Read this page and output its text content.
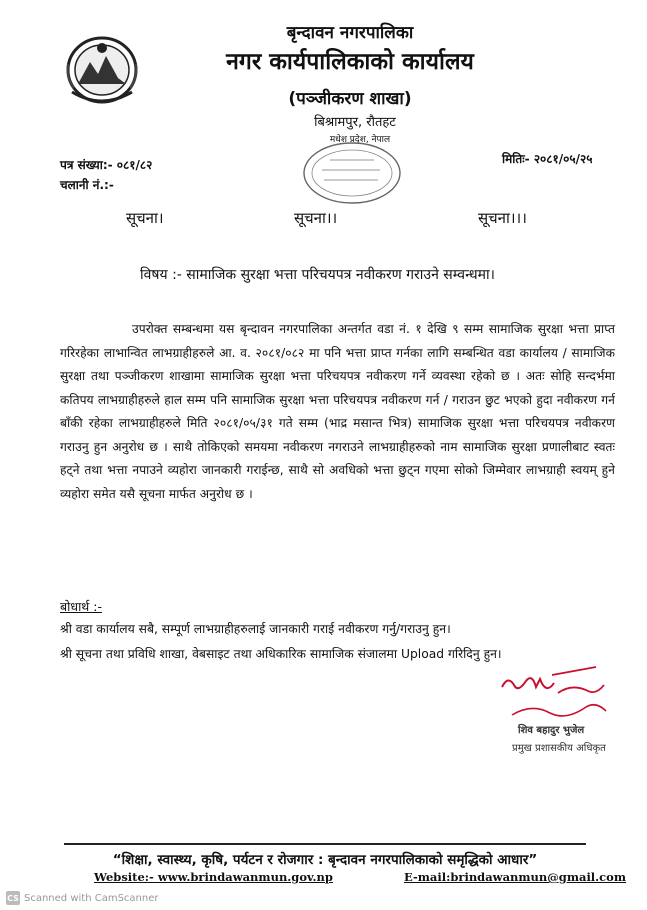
बृन्दावन नगरपालिका
नगर कार्यपालिकाको कार्यालय
(पञ्जीकरण शाखा)
बिश्रामपुर, रौतहट
मधेश प्रदेश, नेपाल
पत्र संख्या:- ०८१/८२
चलानी नं.:-
मितिः- २०८१/०५/२५
सूचना।	सूचना।।	सूचना।।।
विषय :- सामाजिक सुरक्षा भत्ता परिचयपत्र नवीकरण गराउने सम्वन्धमा।
उपरोक्त सम्बन्धमा यस बृन्दावन नगरपालिका अन्तर्गत वडा नं. १ देखि ९ सम्म सामाजिक सुरक्षा भत्ता प्राप्त गरिरहेका लाभान्वित लाभग्राहीहरुले आ. व. २०८१/०८२ मा पनि भत्ता प्राप्त गर्नका लागि सम्बन्धित वडा कार्यालय / सामाजिक सुरक्षा तथा पञ्जीकरण शाखामा सामाजिक सुरक्षा भत्ता परिचयपत्र नवीकरण गर्ने व्यवस्था रहेको छ । अतः सोहि सन्दर्भमा कतिपय लाभग्राहीहरुले हाल सम्म पनि सामाजिक सुरक्षा भत्ता परिचयपत्र नवीकरण गर्न / गराउन छुट भएको हुदा नवीकरण गर्न बाँकी रहेका लाभग्राहीहरुले मिति २०८१/०५/३१ गते सम्म (भाद्र मसान्त भित्र) सामाजिक सुरक्षा भत्ता परिचयपत्र नवीकरण गराउनु हुन अनुरोध छ । साथै तोकिएको समयमा नवीकरण नगराउने लाभग्राहीहरुको नाम सामाजिक सुरक्षा प्रणालीबाट स्वतः हट्ने तथा भत्ता नपाउने व्यहोरा जानकारी गराईन्छ, साथै सो अवधिको भत्ता छुट्न गएमा सोको जिम्मेवार लाभग्राही स्वयम् हुने व्यहोरा समेत यसै सूचना मार्फत अनुरोध छ ।
बोधार्थ :-
श्री वडा कार्यालय सबै, सम्पूर्ण लाभग्राहीहरुलाई जानकारी गराई नवीकरण गर्नु/गराउनु हुन।
श्री सूचना तथा प्रविधि शाखा, वेबसाइट तथा अधिकारिक सामाजिक संजालमा Upload गरिदिनु हुन।
शिव बहादुर भुजेल
प्रमुख प्रशासकीय अधिकृत
“शिक्षा, स्वास्थ्य, कृषि, पर्यटन र रोजगार : बृन्दावन नगरपालिकाको समृद्धिको आधार”
Website:- www.brindawanmun.gov.np	E-mail:brindawanmun@gmail.com
CS Scanned with CamScanner
